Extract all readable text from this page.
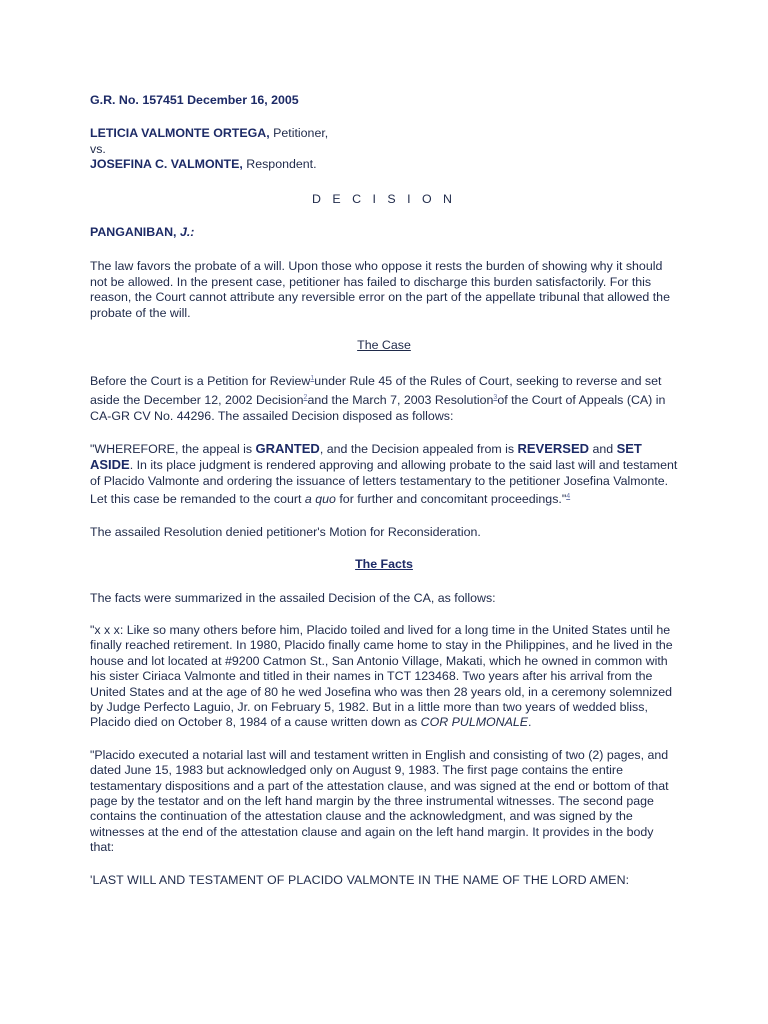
G.R. No. 157451 December 16, 2005

LETICIA VALMONTE ORTEGA, Petitioner,

vs.

JOSEFINA C. VALMONTE, Respondent.

D E C I S I O N

PANGANIBAN, J.:

The law favors the probate of a will. Upon those who oppose it rests the burden of showing why it should not be allowed. In the present case, petitioner has failed to discharge this burden satisfactorily. For this reason, the Court cannot attribute any reversible error on the part of the appellate tribunal that allowed the probate of the will.

The Case

Before the Court is a Petition for Review$^1$under Rule 45 of the Rules of Court, seeking to reverse and set aside the December 12, 2002 Decision$^2$and the March 7, 2003 Resolution$^3$of the Court of Appeals (CA) in CA-GR CV No. 44296. The assailed Decision disposed as follows:

"WHEREFORE, the appeal is GRANTED, and the Decision appealed from is REVERSED and SET ASIDE. In its place judgment is rendered approving and allowing probate to the said last will and testament of Placido Valmonte and ordering the issuance of letters testamentary to the petitioner Josefina Valmonte. Let this case be remanded to the court a quo for further and concomitant proceedings."$^4$

The assailed Resolution denied petitioner's Motion for Reconsideration.

The Facts

The facts were summarized in the assailed Decision of the CA, as follows:

"x x x: Like so many others before him, Placido toiled and lived for a long time in the United States until he finally reached retirement. In 1980, Placido finally came home to stay in the Philippines, and he lived in the house and lot located at #9200 Catmon St., San Antonio Village, Makati, which he owned in common with his sister Ciriaca Valmonte and titled in their names in TCT 123468. Two years after his arrival from the United States and at the age of 80 he wed Josefina who was then 28 years old, in a ceremony solemnized by Judge Perfecto Laguio, Jr. on February 5, 1982. But in a little more than two years of wedded bliss, Placido died on October 8, 1984 of a cause written down as COR PULMONALE.

"Placido executed a notarial last will and testament written in English and consisting of two (2) pages, and dated June 15, 1983 but acknowledged only on August 9, 1983. The first page contains the entire testamentary dispositions and a part of the attestation clause, and was signed at the end or bottom of that page by the testator and on the left hand margin by the three instrumental witnesses. The second page contains the continuation of the attestation clause and the acknowledgment, and was signed by the witnesses at the end of the attestation clause and again on the left hand margin. It provides in the body that:

'LAST WILL AND TESTAMENT OF PLACIDO VALMONTE IN THE NAME OF THE LORD AMEN:
